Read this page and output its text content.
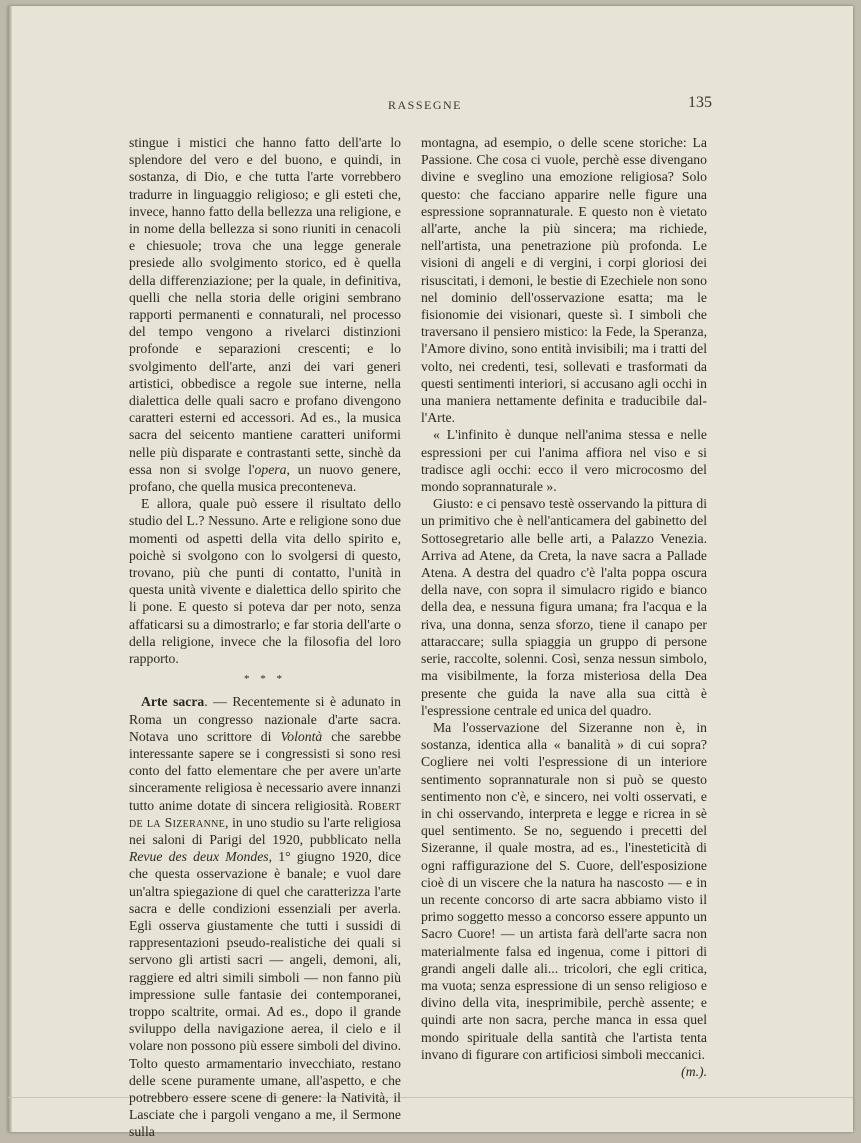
RASSEGNE	135

stingue i mistici che hanno fatto dell'arte lo splendore del vero e del buono, e quindi, in sostanza, di Dio, e che tutta l'arte vorrebbero tradurre in linguaggio religioso; e gli esteti che, invece, hanno fatto della bellezza una religione, e in nome della bellezza si sono riuniti in cenacoli e chiesuole; trova che una legge generale presiede allo svolgimento storico, ed è quella della differenziazione; per la quale, in definitiva, quelli che nella storia delle origini sembrano rapporti permanenti e connaturali, nel processo del tempo vengono a rivelarci distinzioni profonde e separazioni crescenti; e lo svolgimento dell'arte, anzi dei vari generi artistici, obbedisce a regole sue interne, nella dialettica delle quali sacro e profano divengono caratteri esterni ed accessori. Ad es., la musica sacra del seicento mantiene caratteri uniformi nelle più disparate e contrastanti sette, sinchè da essa non si svolge l'opera, un nuovo genere, profano, che quella musica preconteneva.

E allora, quale può essere il risultato dello studio del L.? Nessuno. Arte e religione sono due momenti od aspetti della vita dello spirito e, poichè si svolgono con lo svolgersi di questo, trovano, più che punti di contatto, l'unità in questa unità vivente e dialettica dello spirito che li pone. E questo si poteva dar per noto, senza affaticarsi su a dimostrarlo; e far storia dell'arte o della religione, invece che la filosofia del loro rapporto.

* * *

Arte sacra. — Recentemente si è adunato in Roma un congresso nazionale d'arte sacra. Notava uno scrittore di Volontà che sarebbe interessante sapere se i congressisti si sono resi conto del fatto elementare che per avere un'arte sinceramente religiosa è necessario avere innanzi tutto anime dotate di sincera religiosità. Robert de la Sizeranne, in uno studio su l'arte religiosa nei saloni di Parigi del 1920, pubblicato nella Revue des deux Mondes, 1° giugno 1920, dice che questa osservazione è banale; e vuol dare un'altra spiegazione di quel che caratterizza l'arte sacra e delle condizioni essenziali per averla. Egli osserva giustamente che tutti i sussidi di rappresentazioni pseudo-realistiche dei quali si servono gli artisti sacri — angeli, demoni, ali, raggiere ed altri simili simboli — non fanno più impressione sulle fantasie dei contemporanei, troppo scaltrite, ormai. Ad es., dopo il grande sviluppo della navigazione aerea, il cielo e il volare non possono più essere simboli del divino. Tolto questo armamentario invecchiato, restano delle scene puramente umane, all'aspetto, e che potrebbero essere scene di genere: la Natività, il Lasciate che i pargoli vengano a me, il Sermone sulla

montagna, ad esempio, o delle scene storiche: La Passione. Che cosa ci vuole, perchè esse divengano divine e sveglino una emozione religiosa? Solo questo: che facciano apparire nelle figure una espressione soprannaturale. E questo non è vietato all'arte, anche la più sincera; ma richiede, nell'artista, una penetrazione più profonda. Le visioni di angeli e di vergini, i corpi gloriosi dei risuscitati, i demoni, le bestie di Ezechiele non sono nel dominio dell'osservazione esatta; ma le fisionomie dei visionari, queste sì. I simboli che traversano il pensiero mistico: la Fede, la Speranza, l'Amore divino, sono entità invisibili; ma i tratti del volto, nei credenti, tesi, sollevati e trasformati da questi sentimenti interiori, si accusano agli occhi in una maniera nettamente definita e traducibile dal-l'Arte.

« L'infinito è dunque nell'anima stessa e nelle espressioni per cui l'anima affiora nel viso e si tradisce agli occhi: ecco il vero microcosmo del mondo soprannaturale ».

Giusto: e ci pensavo testè osservando la pittura di un primitivo che è nell'anticamera del gabinetto del Sottosegretario alle belle arti, a Palazzo Venezia. Arriva ad Atene, da Creta, la nave sacra a Pallade Atena. A destra del quadro c'è l'alta poppa oscura della nave, con sopra il simulacro rigido e bianco della dea, e nessuna figura umana; fra l'acqua e la riva, una donna, senza sforzo, tiene il canapo per attaraccare; sulla spiaggia un gruppo di persone serie, raccolte, solenni. Così, senza nessun simbolo, ma visibilmente, la forza misteriosa della Dea presente che guida la nave alla sua città è l'espressione centrale ed unica del quadro.

Ma l'osservazione del Sizeranne non è, in sostanza, identica alla « banalità » di cui sopra? Cogliere nei volti l'espressione di un interiore sentimento soprannaturale non si può se questo sentimento non c'è, e sincero, nei volti osservati, e in chi osservando, interpreta e legge e ricrea in sè quel sentimento. Se no, seguendo i precetti del Sizeranne, il quale mostra, ad es., l'inesteticità di ogni raffigurazione del S. Cuore, dell'esposizione cioè di un viscere che la natura ha nascosto — e in un recente concorso di arte sacra abbiamo visto il primo soggetto messo a concorso essere appunto un Sacro Cuore! — un artista farà dell'arte sacra non materialmente falsa ed ingenua, come i pittori di grandi angeli dalle ali... tricolori, che egli critica, ma vuota; senza espressione di un senso religioso e divino della vita, inesprimibile, perchè assente; e quindi arte non sacra, perche manca in essa quel mondo spirituale della santità che l'artista tenta invano di figurare con artificiosi simboli meccanici.
(m.).
